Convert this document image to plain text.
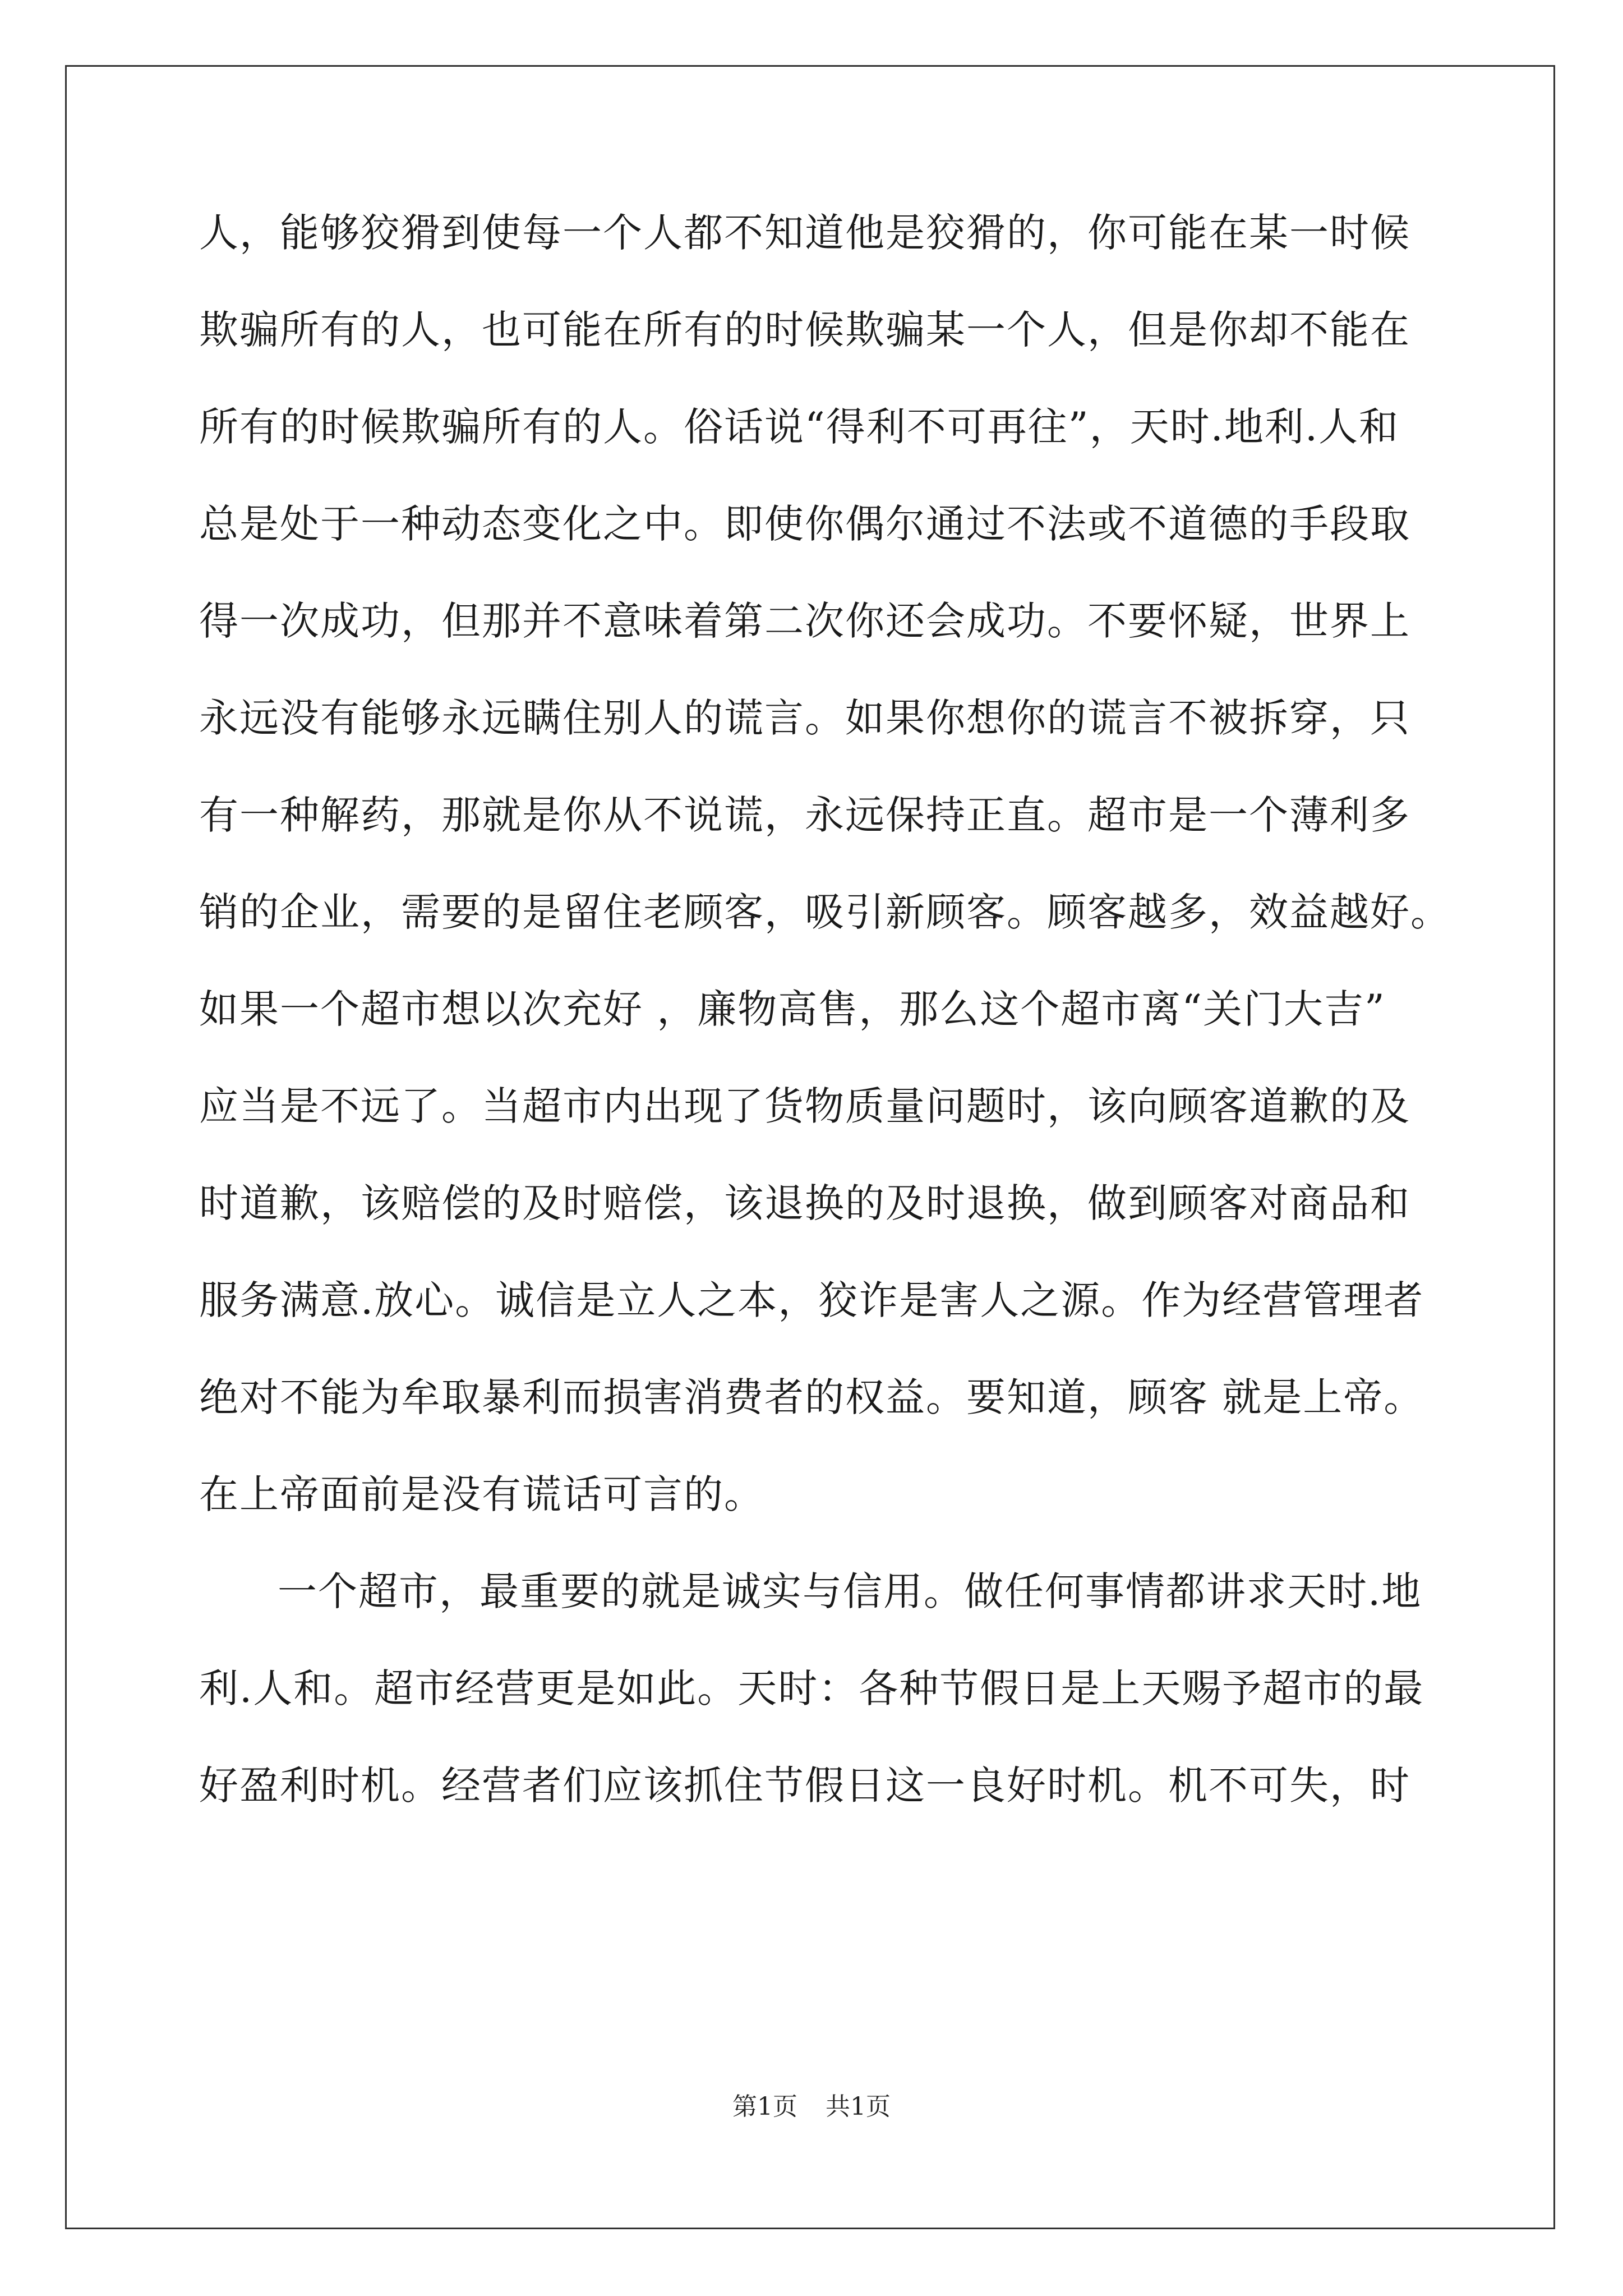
人，能够狡猾到使每一个人都不知道他是狡猾的，你可能在某一时候

欺骗所有的人，也可能在所有的时候欺骗某一个人，但是你却不能在

所有的时候欺骗所有的人。俗话说“得利不可再往”，天时.地利.人和

总是处于一种动态变化之中。即使你偶尔通过不法或不道德的手段取

得一次成功，但那并不意味着第二次你还会成功。不要怀疑，世界上

永远没有能够永远瞒住别人的谎言。如果你想你的谎言不被拆穿，只

有一种解药，那就是你从不说谎，永远保持正直。超市是一个薄利多

销的企业，需要的是留住老顾客，吸引新顾客。顾客越多，效益越好。

如果一个超市想以次充好 ，廉物高售，那么这个超市离“关门大吉”

应当是不远了。当超市内出现了货物质量问题时，该向顾客道歉的及

时道歉，该赔偿的及时赔偿，该退换的及时退换，做到顾客对商品和

服务满意.放心。诚信是立人之本，狡诈是害人之源。作为经营管理者

绝对不能为牟取暴利而损害消费者的权益。要知道，顾客 就是上帝。

在上帝面前是没有谎话可言的。

一个超市，最重要的就是诚实与信用。做任何事情都讲求天时.地

利.人和。超市经营更是如此。天时：各种节假日是上天赐予超市的最

好盈利时机。经营者们应该抓住节假日这一良好时机。机不可失，时

第1页 共1页
